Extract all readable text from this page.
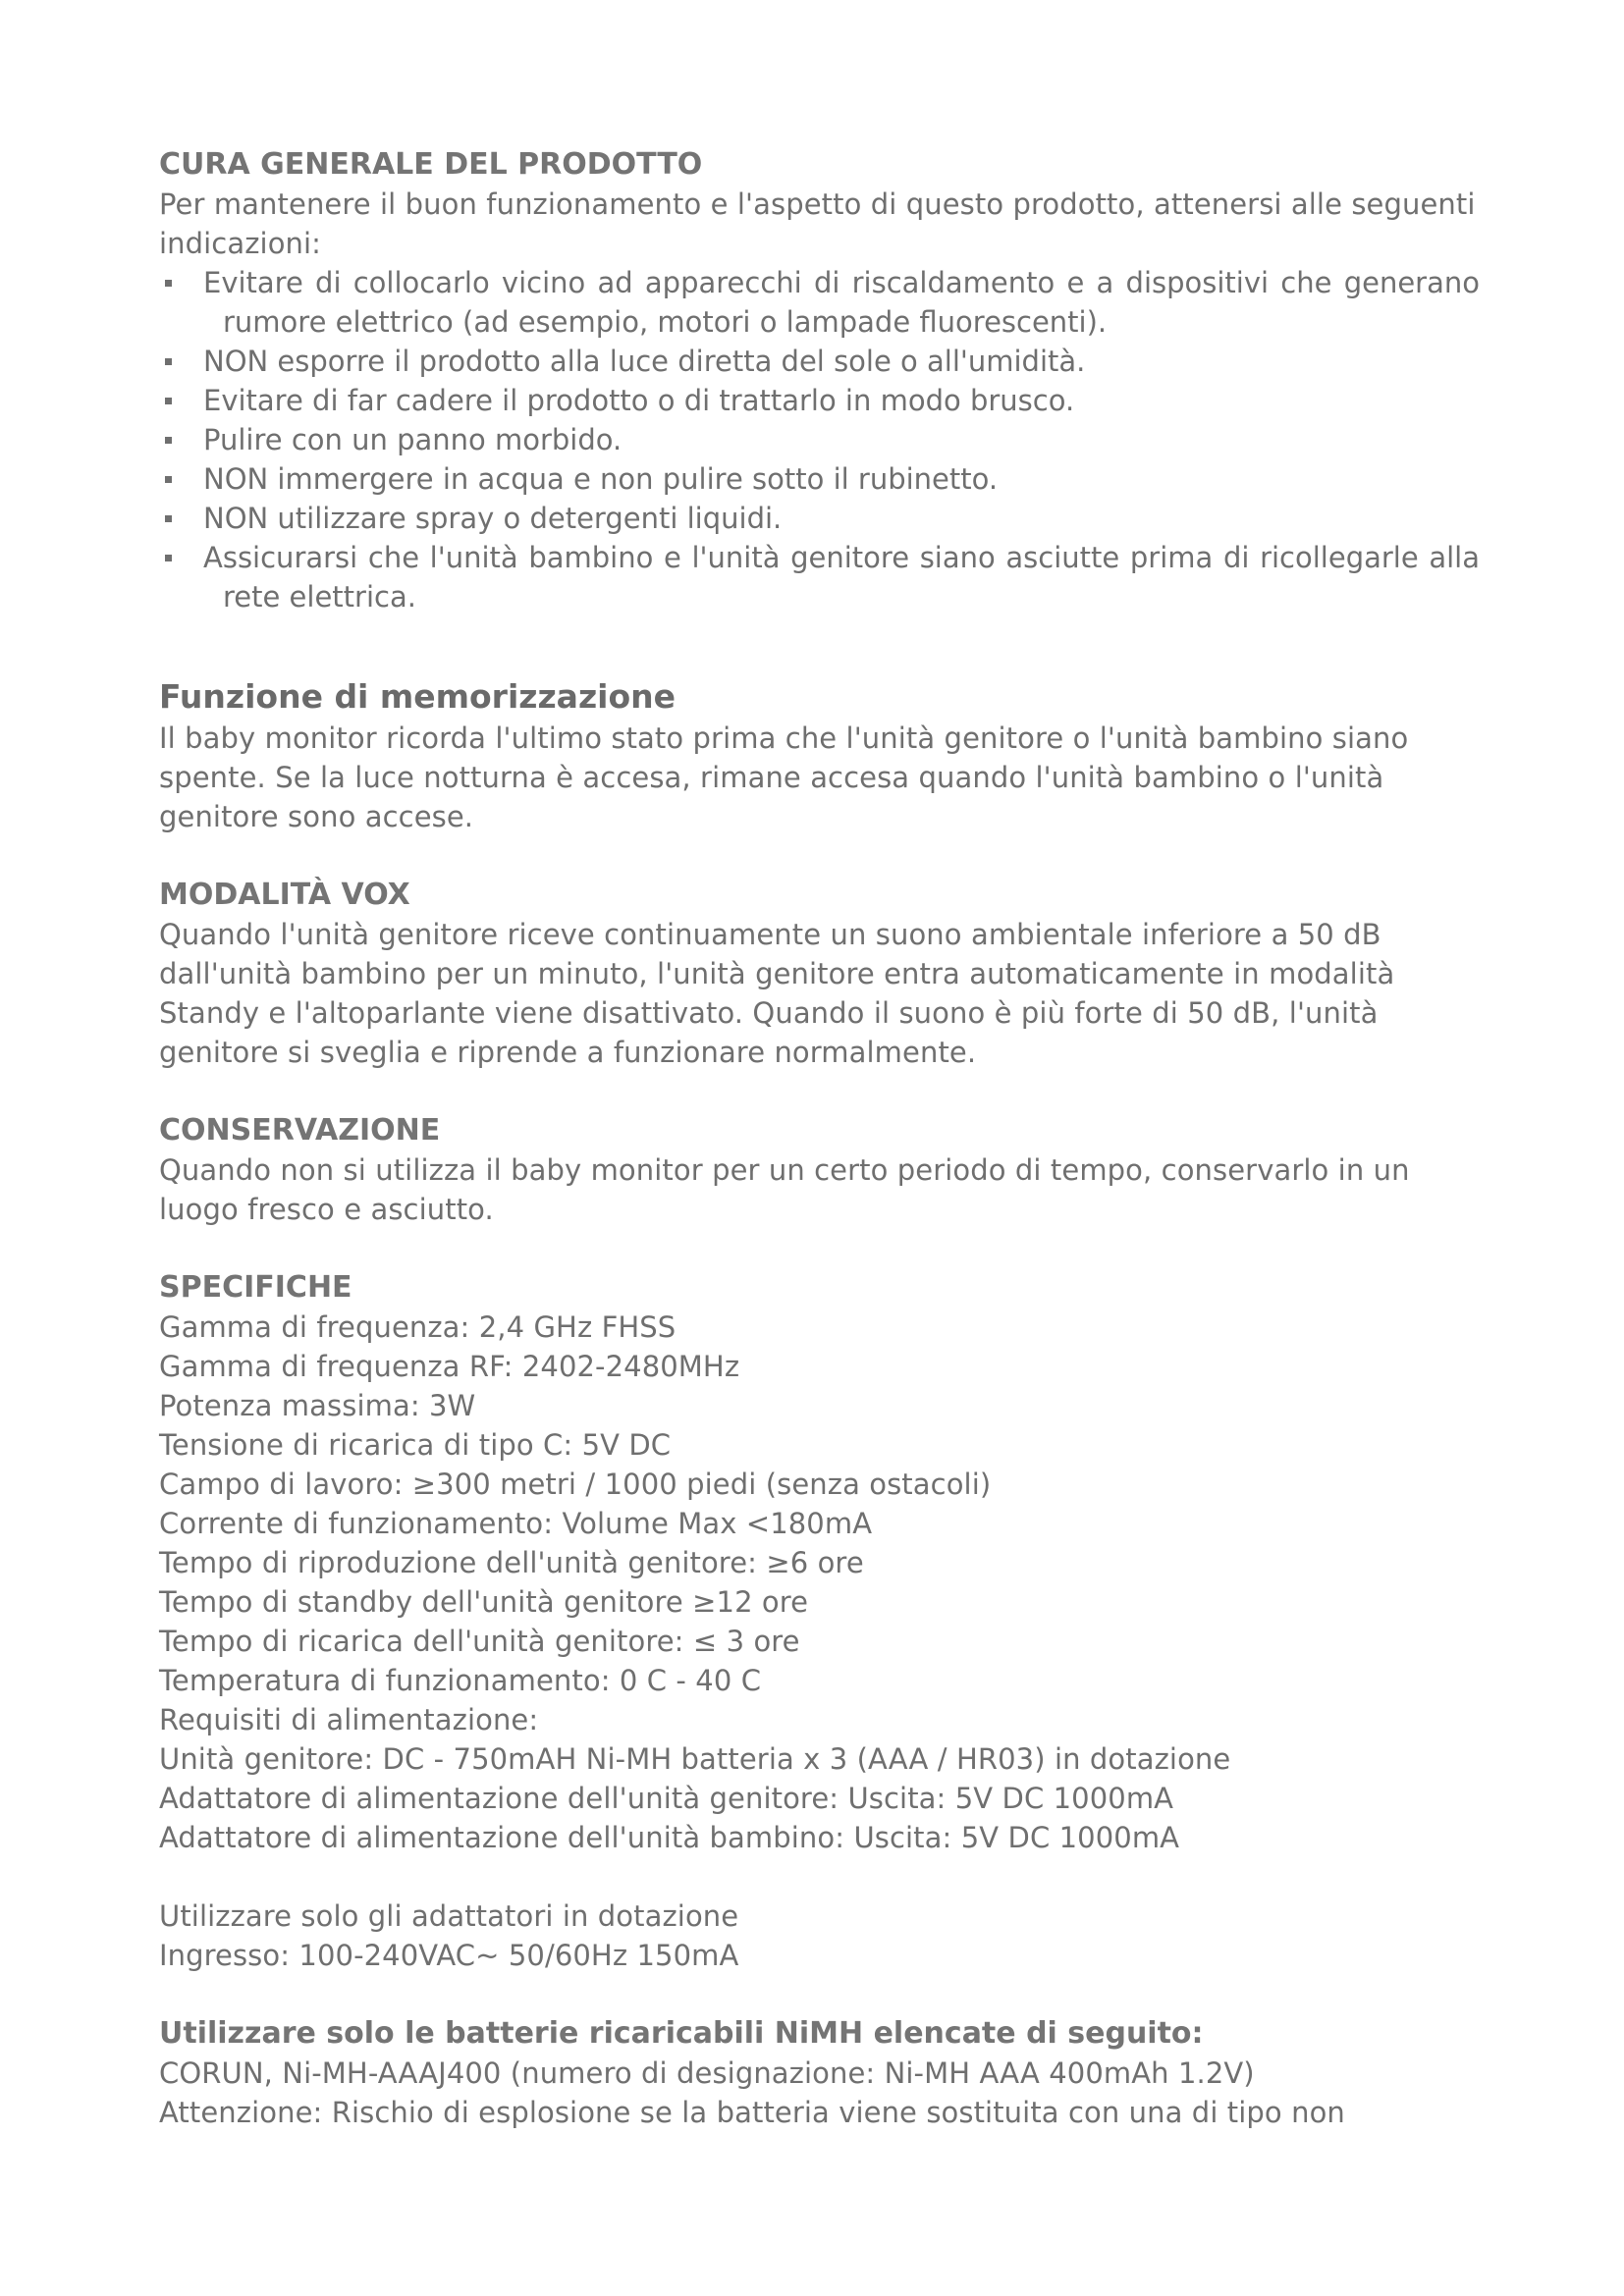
CURA GENERALE DEL PRODOTTO

Per mantenere il buon funzionamento e l'aspetto di questo prodotto, attenersi alle seguenti indicazioni:

Evitare di collocarlo vicino ad apparecchi di riscaldamento e a dispositivi che generano rumore elettrico (ad esempio, motori o lampade fluorescenti).
NON esporre il prodotto alla luce diretta del sole o all'umidità.
Evitare di far cadere il prodotto o di trattarlo in modo brusco.
Pulire con un panno morbido.
NON immergere in acqua e non pulire sotto il rubinetto.
NON utilizzare spray o detergenti liquidi.
Assicurarsi che l'unità bambino e l'unità genitore siano asciutte prima di ricollegarle alla rete elettrica.
Funzione di memorizzazione

Il baby monitor ricorda l'ultimo stato prima che l'unità genitore o l'unità bambino siano spente. Se la luce notturna è accesa, rimane accesa quando l'unità bambino o l'unità genitore sono accese.

MODALITÀ VOX

Quando l'unità genitore riceve continuamente un suono ambientale inferiore a 50 dB dall'unità bambino per un minuto, l'unità genitore entra automaticamente in modalità Standy e l'altoparlante viene disattivato. Quando il suono è più forte di 50 dB, l'unità genitore si sveglia e riprende a funzionare normalmente.

CONSERVAZIONE

Quando non si utilizza il baby monitor per un certo periodo di tempo, conservarlo in un luogo fresco e asciutto.

SPECIFICHE
Gamma di frequenza: 2,4 GHz FHSS
Gamma di frequenza RF: 2402-2480MHz
Potenza massima: 3W
Tensione di ricarica di tipo C: 5V DC
Campo di lavoro: ≥300 metri / 1000 piedi (senza ostacoli)
Corrente di funzionamento: Volume Max <180mA
Tempo di riproduzione dell'unità genitore: ≥6 ore
Tempo di standby dell'unità genitore ≥12 ore
Tempo di ricarica dell'unità genitore: ≤ 3 ore
Temperatura di funzionamento: 0 C - 40 C
Requisiti di alimentazione:
Unità genitore: DC - 750mAH Ni-MH batteria x 3 (AAA / HR03) in dotazione
Adattatore di alimentazione dell'unità genitore: Uscita: 5V DC 1000mA
Adattatore di alimentazione dell'unità bambino: Uscita: 5V DC 1000mA
Utilizzare solo gli adattatori in dotazione
Ingresso: 100-240VAC~ 50/60Hz 150mA
Utilizzare solo le batterie ricaricabili NiMH elencate di seguito:
CORUN, Ni-MH-AAAJ400 (numero di designazione: Ni-MH AAA 400mAh 1.2V)
Attenzione: Rischio di esplosione se la batteria viene sostituita con una di tipo non
